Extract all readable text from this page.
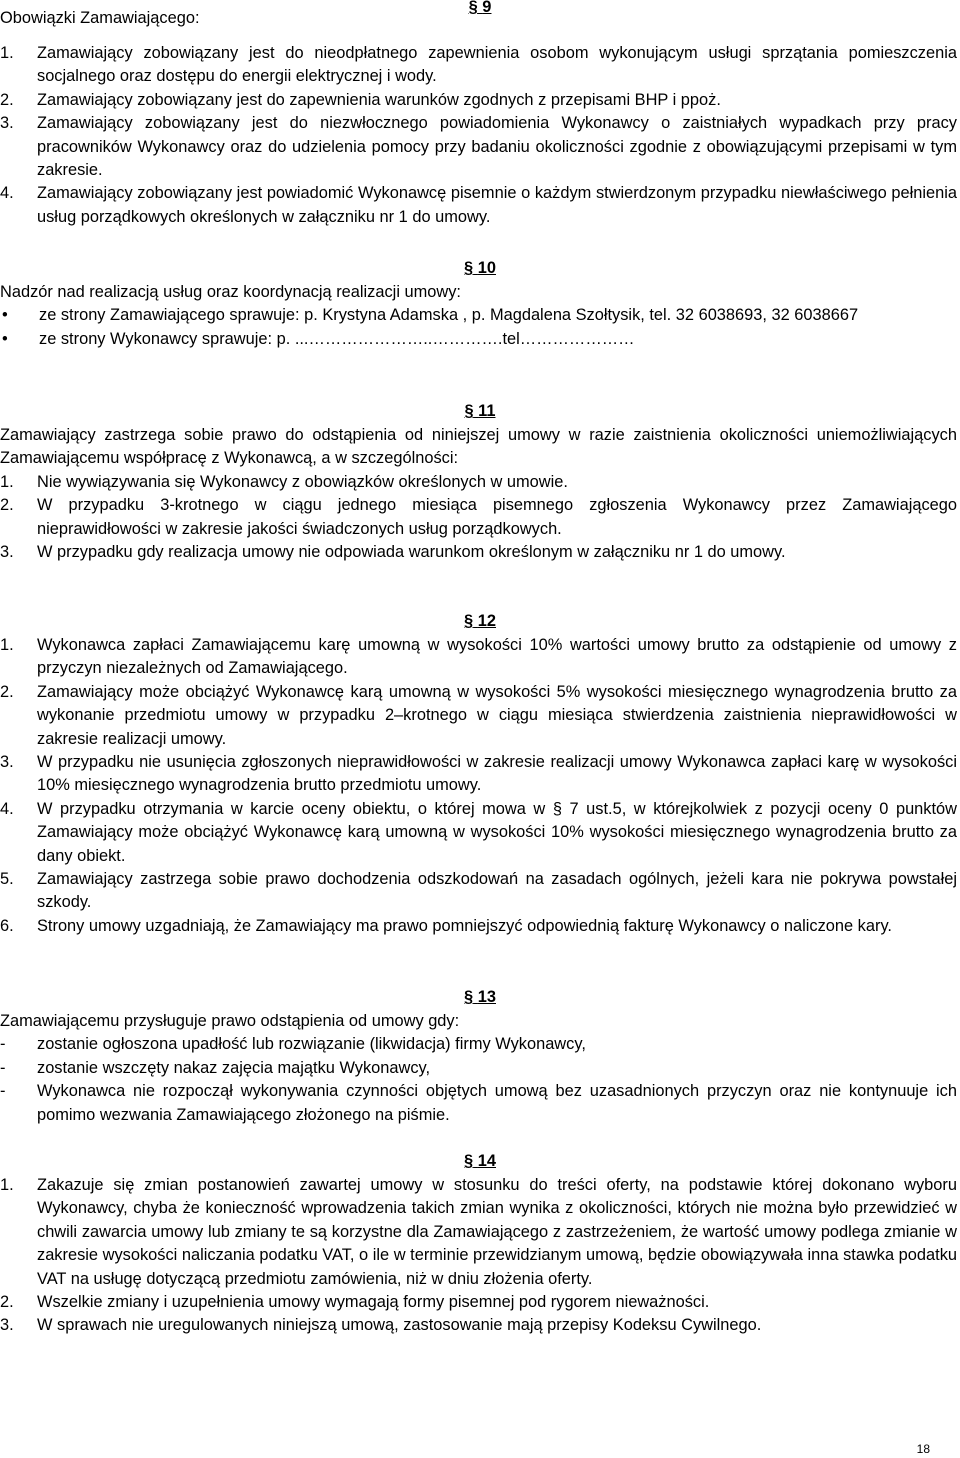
§ 9
Obowiązki Zamawiającego:
1.	Zamawiający zobowiązany jest do nieodpłatnego zapewnienia osobom wykonującym usługi sprzątania pomieszczenia socjalnego oraz dostępu do energii elektrycznej i wody.
2.	Zamawiający zobowiązany jest do zapewnienia warunków zgodnych z przepisami BHP i ppoż.
3.	Zamawiający zobowiązany jest do niezwłocznego powiadomienia Wykonawcy o zaistniałych wypadkach przy pracy pracowników Wykonawcy oraz do udzielenia pomocy przy badaniu okoliczności zgodnie z obowiązującymi przepisami w tym zakresie.
4.	Zamawiający zobowiązany jest powiadomić Wykonawcę pisemnie o każdym stwierdzonym przypadku niewłaściwego pełnienia usług porządkowych określonych w załączniku nr 1 do umowy.
§ 10

Nadzór nad realizacją usług oraz koordynacją realizacji umowy:

•	ze strony Zamawiającego sprawuje: p. Krystyna Adamska , p. Magdalena Szołtysik, tel. 32 6038693, 32 6038667
•	ze strony Wykonawcy sprawuje: p. ...…………………..………….tel…………………
§ 11

Zamawiający zastrzega sobie prawo do odstąpienia od niniejszej umowy w razie zaistnienia okoliczności uniemożliwiających Zamawiającemu współpracę z Wykonawcą, a w szczególności:

1.	Nie wywiązywania się Wykonawcy z obowiązków określonych w umowie.
2.	W przypadku 3-krotnego w ciągu jednego miesiąca pisemnego zgłoszenia Wykonawcy przez Zamawiającego nieprawidłowości w zakresie jakości świadczonych usług porządkowych.
3.	W przypadku gdy realizacja umowy nie odpowiada warunkom określonym w załączniku nr 1 do umowy.
§ 12
1.	Wykonawca zapłaci Zamawiającemu karę umowną w wysokości 10% wartości umowy brutto za odstąpienie od umowy z przyczyn niezależnych od Zamawiającego.
2.	Zamawiający może obciążyć Wykonawcę karą umowną w wysokości 5% wysokości miesięcznego wynagrodzenia brutto za wykonanie przedmiotu umowy w przypadku 2–krotnego w ciągu miesiąca stwierdzenia zaistnienia nieprawidłowości w zakresie realizacji umowy.
3.	W przypadku nie usunięcia zgłoszonych nieprawidłowości w zakresie realizacji umowy Wykonawca zapłaci karę w wysokości 10% miesięcznego wynagrodzenia brutto przedmiotu umowy.
4.	W przypadku otrzymania w karcie oceny obiektu, o której mowa w § 7 ust.5, w którejkolwiek z pozycji oceny 0 punktów Zamawiający może obciążyć Wykonawcę karą umowną w wysokości 10% wysokości miesięcznego wynagrodzenia brutto za dany obiekt.
5.	Zamawiający zastrzega sobie prawo dochodzenia odszkodowań na zasadach ogólnych, jeżeli kara nie pokrywa powstałej szkody.
6.	Strony umowy uzgadniają, że Zamawiający ma prawo pomniejszyć odpowiednią fakturę Wykonawcy o naliczone kary.
§ 13

Zamawiającemu przysługuje prawo odstąpienia od umowy gdy:

-	zostanie ogłoszona upadłość lub rozwiązanie (likwidacja) firmy Wykonawcy,
-	zostanie wszczęty nakaz zajęcia majątku Wykonawcy,
-	Wykonawca nie rozpoczął wykonywania czynności objętych umową bez uzasadnionych przyczyn oraz nie kontynuuje ich pomimo wezwania Zamawiającego złożonego na piśmie.
§ 14
1.	Zakazuje się zmian postanowień zawartej umowy w stosunku do treści oferty, na podstawie której dokonano wyboru Wykonawcy, chyba że konieczność wprowadzenia takich zmian wynika z okoliczności, których nie można było przewidzieć w chwili zawarcia umowy lub zmiany te są korzystne dla Zamawiającego z zastrzeżeniem, że wartość umowy podlega zmianie w zakresie wysokości naliczania podatku VAT, o ile w terminie przewidzianym umową, będzie obowiązywała inna stawka podatku VAT na usługę dotyczącą przedmiotu zamówienia, niż w dniu złożenia oferty.
2.	Wszelkie zmiany i uzupełnienia umowy wymagają formy pisemnej pod rygorem nieważności.
3.	W sprawach nie uregulowanych niniejszą umową, zastosowanie mają przepisy Kodeksu Cywilnego.
18
